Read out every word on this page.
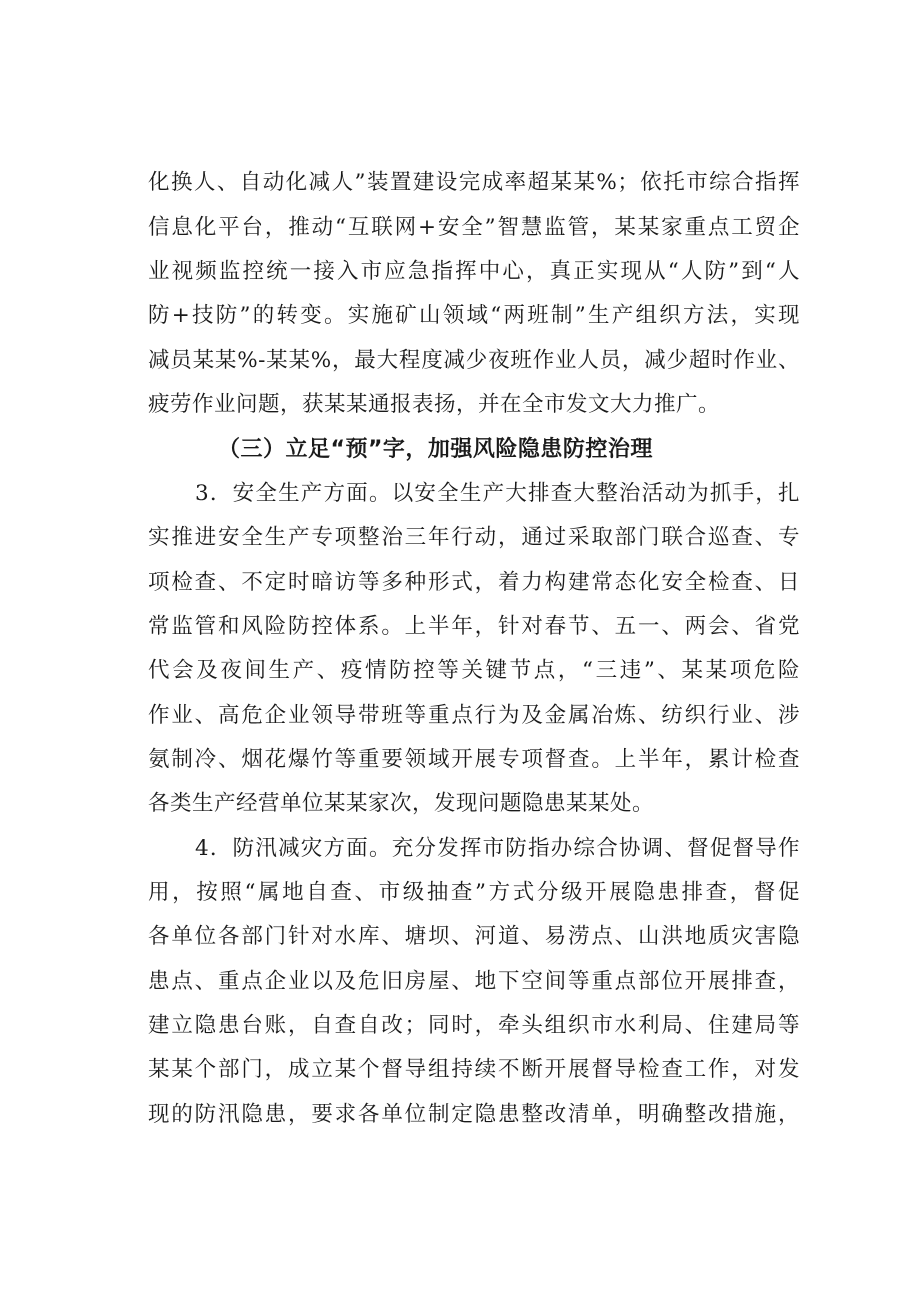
化换人、自动化减人”装置建设完成率超某某%；依托市综合指挥
信息化平台，推动“互联网+安全”智慧监管，某某家重点工贸企
业视频监控统一接入市应急指挥中心，真正实现从“人防”到“人
防+技防”的转变。实施矿山领域“两班制”生产组织方法，实现
减员某某%-某某%，最大程度减少夜班作业人员，减少超时作业、
疲劳作业问题，获某某通报表扬，并在全市发文大力推广。
（三）立足“预”字，加强风险隐患防控治理
3．安全生产方面。以安全生产大排查大整治活动为抓手，扎
实推进安全生产专项整治三年行动，通过采取部门联合巡查、专
项检查、不定时暗访等多种形式，着力构建常态化安全检查、日
常监管和风险防控体系。上半年，针对春节、五一、两会、省党
代会及夜间生产、疫情防控等关键节点，“三违”、某某项危险
作业、高危企业领导带班等重点行为及金属冶炼、纺织行业、涉
氨制冷、烟花爆竹等重要领域开展专项督查。上半年，累计检查
各类生产经营单位某某家次，发现问题隐患某某处。
4．防汛减灾方面。充分发挥市防指办综合协调、督促督导作
用，按照“属地自查、市级抽查”方式分级开展隐患排查，督促
各单位各部门针对水库、塘坝、河道、易涝点、山洪地质灾害隐
患点、重点企业以及危旧房屋、地下空间等重点部位开展排查，
建立隐患台账，自查自改；同时，牵头组织市水利局、住建局等
某某个部门，成立某个督导组持续不断开展督导检查工作，对发
现的防汛隐患，要求各单位制定隐患整改清单，明确整改措施，
